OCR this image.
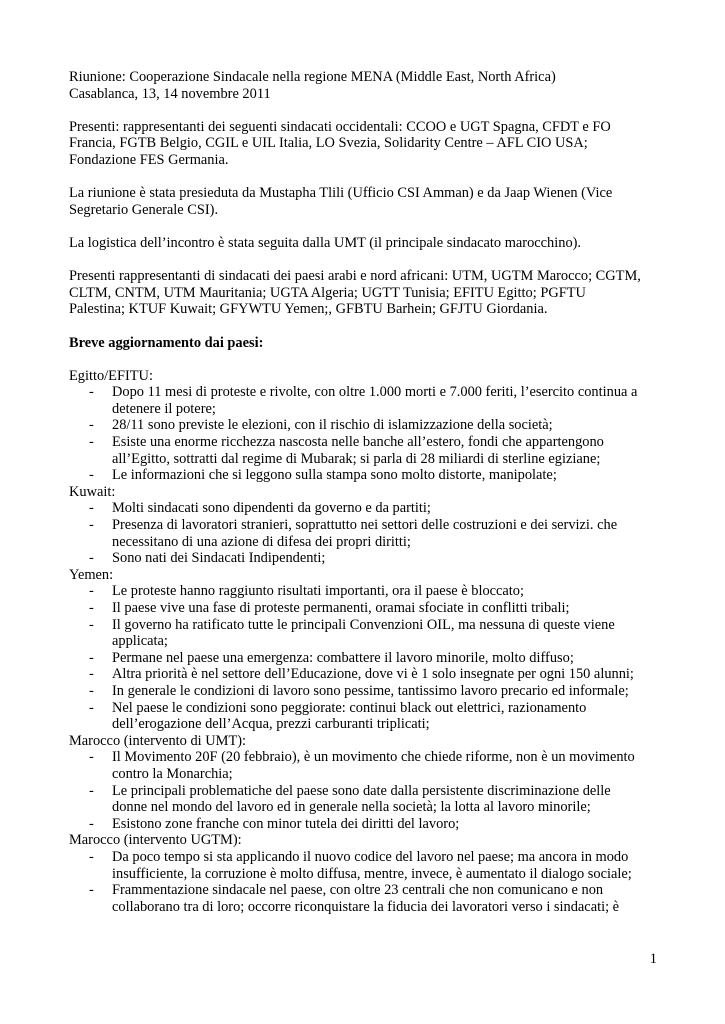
Riunione: Cooperazione Sindacale nella regione MENA (Middle East, North Africa)
Casablanca, 13, 14 novembre 2011
Presenti: rappresentanti dei seguenti sindacati occidentali: CCOO e UGT Spagna, CFDT e FO
Francia, FGTB Belgio, CGIL e UIL Italia, LO Svezia, Solidarity Centre – AFL CIO USA;
Fondazione FES Germania.
La riunione è stata presieduta da Mustapha Tlili (Ufficio CSI Amman) e da Jaap Wienen (Vice
Segretario Generale CSI).
La logistica dell’incontro è stata seguita dalla UMT (il principale sindacato marocchino).
Presenti rappresentanti di sindacati dei paesi arabi e nord africani: UTM, UGTM Marocco; CGTM,
CLTM, CNTM, UTM Mauritania; UGTA Algeria; UGTT Tunisia; EFITU Egitto; PGFTU
Palestina; KTUF Kuwait; GFYWTU Yemen;, GFBTU Barhein; GFJTU Giordania.
Breve aggiornamento dai paesi:
Egitto/EFITU:
- Dopo 11 mesi di proteste e rivolte, con oltre 1.000 morti e 7.000 feriti, l’esercito continua a
detenere il potere;
- 28/11 sono previste le elezioni, con il rischio di islamizzazione della società;
- Esiste una enorme ricchezza nascosta nelle banche all’estero, fondi che appartengono
all’Egitto, sottratti dal regime di Mubarak; si parla di 28 miliardi di sterline egiziane;
- Le informazioni che si leggono sulla stampa sono molto distorte, manipolate;
Kuwait:
- Molti sindacati sono dipendenti da governo e da partiti;
- Presenza di lavoratori stranieri, soprattutto nei settori delle costruzioni e dei servizi. che
necessitano di una azione di difesa dei propri diritti;
- Sono nati dei Sindacati Indipendenti;
Yemen:
- Le proteste hanno raggiunto risultati importanti, ora il paese è bloccato;
- Il paese vive una fase di proteste permanenti, oramai sfociate in conflitti tribali;
- Il governo ha ratificato tutte le principali Convenzioni OIL, ma nessuna di queste viene
applicata;
- Permane nel paese una emergenza: combattere il lavoro minorile, molto diffuso;
- Altra priorità è nel settore dell’Educazione, dove vi è 1 solo insegnate per ogni 150 alunni;
- In generale le condizioni di lavoro sono pessime, tantissimo lavoro precario ed informale;
- Nel paese le condizioni sono peggiorate: continui black out elettrici, razionamento
dell’erogazione dell’Acqua, prezzi carburanti triplicati;
Marocco (intervento di UMT):
- Il Movimento 20F (20 febbraio), è un movimento che chiede riforme, non è un movimento
contro la Monarchia;
- Le principali problematiche del paese sono date dalla persistente discriminazione delle
donne nel mondo del lavoro ed in generale nella società; la lotta al lavoro minorile;
- Esistono zone franche con minor tutela dei diritti del lavoro;
Marocco (intervento UGTM):
- Da poco tempo si sta applicando il nuovo codice del lavoro nel paese; ma ancora in modo
insufficiente, la corruzione è molto diffusa, mentre, invece, è aumentato il dialogo sociale;
- Frammentazione sindacale nel paese, con oltre 23 centrali che non comunicano e non
collaborano tra di loro; occorre riconquistare la fiducia dei lavoratori verso i sindacati; è
1
